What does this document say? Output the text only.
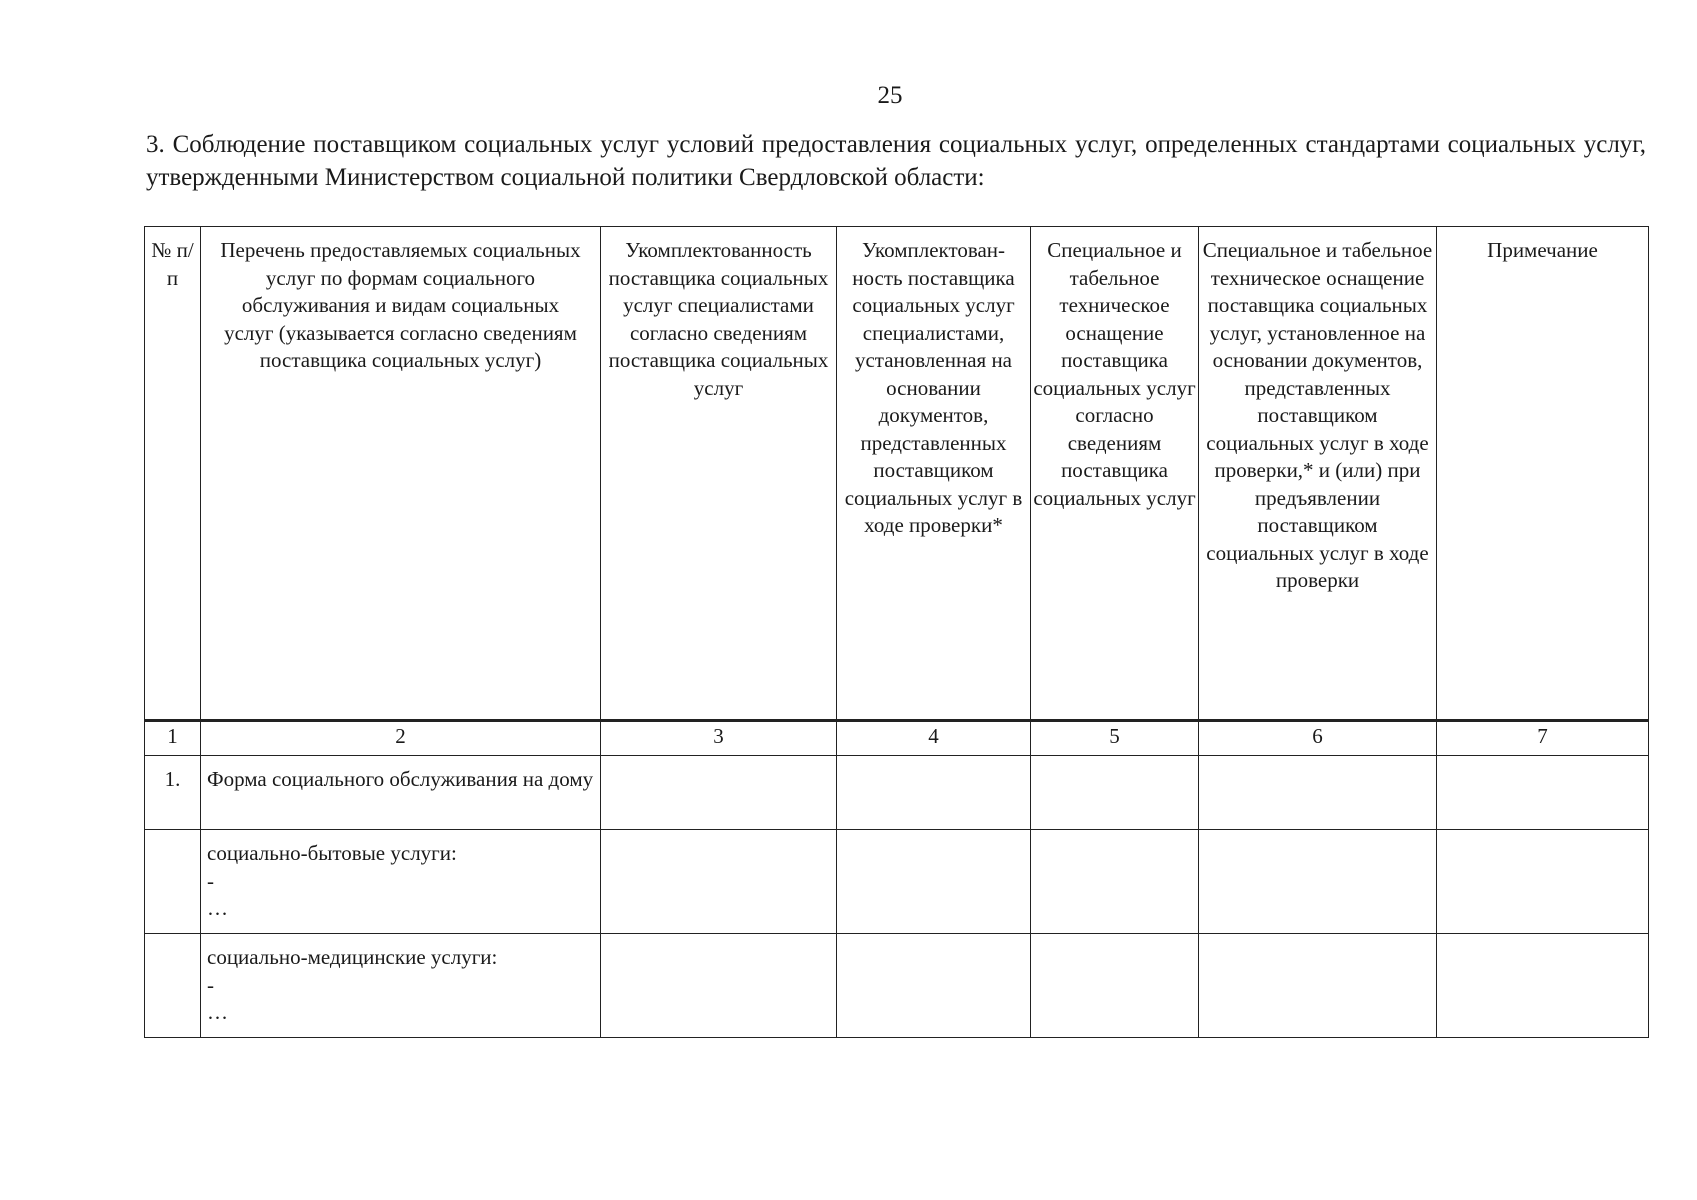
25
3. Соблюдение поставщиком социальных услуг условий предоставления социальных услуг, определенных стандартами социальных услуг, утвержденными Министерством социальной политики Свердловской области:
№ п/п	Перечень предоставляемых социальных услуг по формам социального обслуживания и видам социальных услуг (указывается согласно сведениям поставщика социальных услуг)	Укомплектованность поставщика социальных услуг специалистами согласно сведениям поставщика социальных услуг	Укомплектован-ность поставщика социальных услуг специалистами, установленная на основании документов, представленных поставщиком социальных услуг в ходе проверки*	Специальное и табельное техническое оснащение поставщика социальных услуг согласно сведениям поставщика социальных услуг	Специальное и табельное техническое оснащение поставщика социальных услуг, установленное на основании документов, представленных поставщиком социальных услуг в ходе проверки,* и (или) при предъявлении поставщиком социальных услуг в ходе проверки	Примечание
1	2	3	4	5	6	7
1.	Форма социального обслуживания на дому					

	социально-бытовые услуги:
-
…					

	социально-медицинские услуги:
-
…					
